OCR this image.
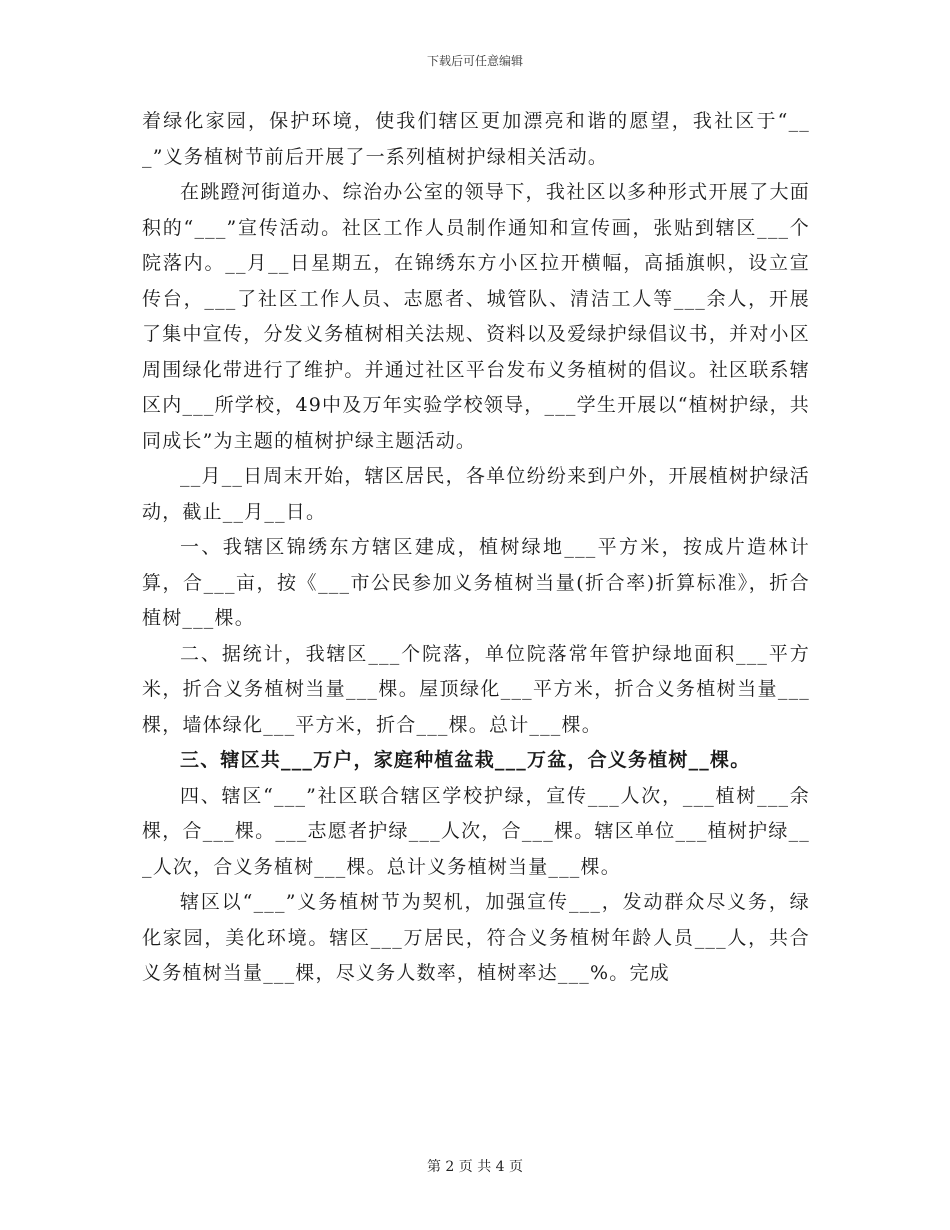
下载后可任意编辑

着绿化家园，保护环境，使我们辖区更加漂亮和谐的愿望，我社区于“___”义务植树节前后开展了一系列植树护绿相关活动。

在跳蹬河街道办、综治办公室的领导下，我社区以多种形式开展了大面积的“___”宣传活动。社区工作人员制作通知和宣传画，张贴到辖区___个院落内。__月__日星期五，在锦绣东方小区拉开横幅，高插旗帜，设立宣传台，___了社区工作人员、志愿者、城管队、清洁工人等___余人，开展了集中宣传，分发义务植树相关法规、资料以及爱绿护绿倡议书，并对小区周围绿化带进行了维护。并通过社区平台发布义务植树的倡议。社区联系辖区内___所学校，49中及万年实验学校领导，___学生开展以“植树护绿，共同成长”为主题的植树护绿主题活动。

__月__日周末开始，辖区居民，各单位纷纷来到户外，开展植树护绿活动，截止__月__日。

一、我辖区锦绣东方辖区建成，植树绿地___平方米，按成片造林计算，合___亩，按《___市公民参加义务植树当量(折合率)折算标准》，折合植树___棵。

二、据统计，我辖区___个院落，单位院落常年管护绿地面积___平方米，折合义务植树当量___棵。屋顶绿化___平方米，折合义务植树当量___棵，墙体绿化___平方米，折合___棵。总计___棵。

三、辖区共___万户，家庭种植盆栽___万盆，合义务植树__棵。

四、辖区“___”社区联合辖区学校护绿，宣传___人次，___植树___余棵，合___棵。___志愿者护绿___人次，合___棵。辖区单位___植树护绿___人次，合义务植树___棵。总计义务植树当量___棵。

辖区以“___”义务植树节为契机，加强宣传___，发动群众尽义务，绿化家园，美化环境。辖区___万居民，符合义务植树年龄人员___人，共合义务植树当量___棵，尽义务人数率，植树率达___%。完成

第 2 页 共 4 页
